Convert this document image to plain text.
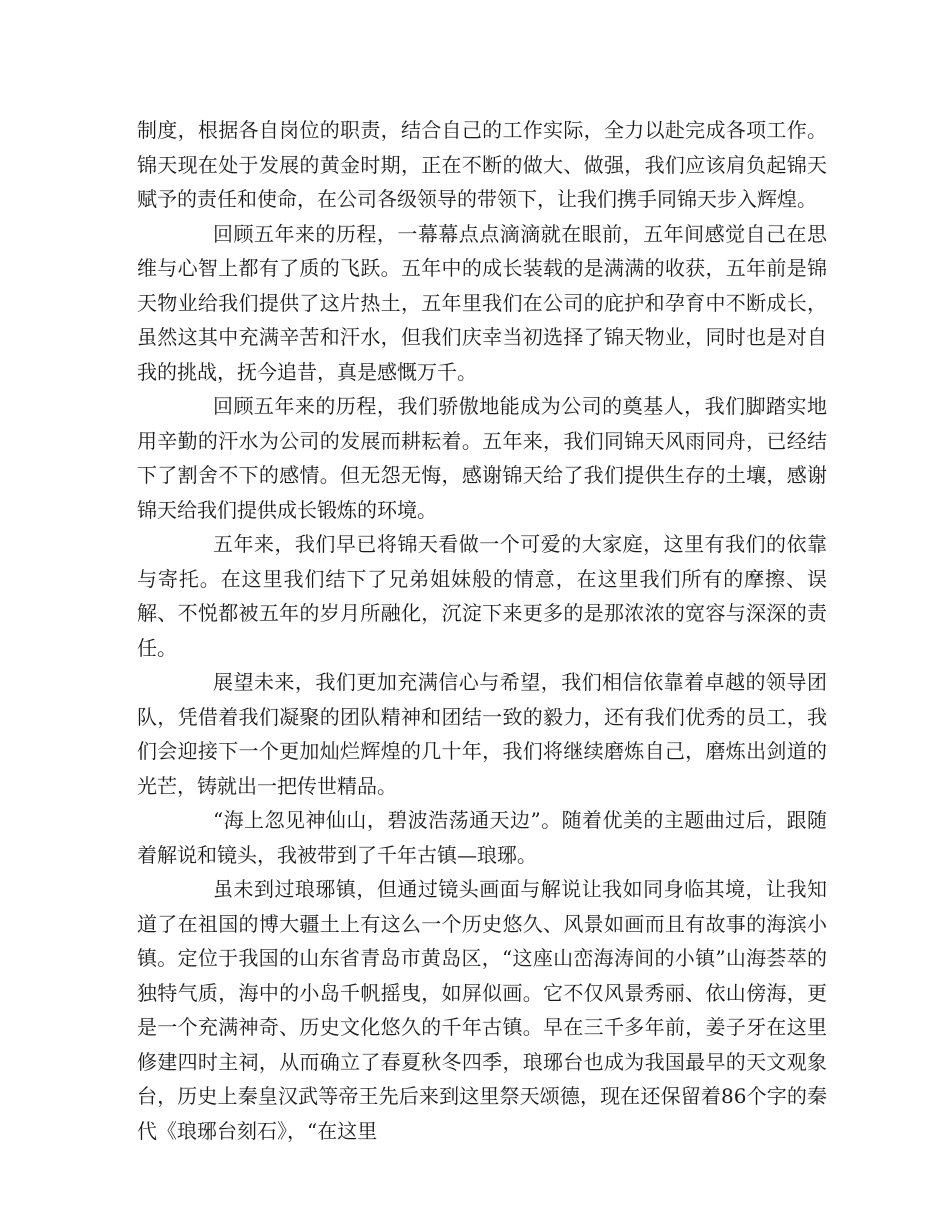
制度，根据各自岗位的职责，结合自己的工作实际，全力以赴完成各项工作。锦天现在处于发展的黄金时期，正在不断的做大、做强，我们应该肩负起锦天赋予的责任和使命，在公司各级领导的带领下，让我们携手同锦天步入辉煌。

回顾五年来的历程，一幕幕点点滴滴就在眼前，五年间感觉自己在思维与心智上都有了质的飞跃。五年中的成长装载的是满满的收获，五年前是锦天物业给我们提供了这片热土，五年里我们在公司的庇护和孕育中不断成长，虽然这其中充满辛苦和汗水，但我们庆幸当初选择了锦天物业，同时也是对自我的挑战，抚今追昔，真是感慨万千。

回顾五年来的历程，我们骄傲地能成为公司的奠基人，我们脚踏实地用辛勤的汗水为公司的发展而耕耘着。五年来，我们同锦天风雨同舟，已经结下了割舍不下的感情。但无怨无悔，感谢锦天给了我们提供生存的土壤，感谢锦天给我们提供成长锻炼的环境。

五年来，我们早已将锦天看做一个可爱的大家庭，这里有我们的依靠与寄托。在这里我们结下了兄弟姐妹般的情意，在这里我们所有的摩擦、误解、不悦都被五年的岁月所融化，沉淀下来更多的是那浓浓的宽容与深深的责任。

展望未来，我们更加充满信心与希望，我们相信依靠着卓越的领导团队，凭借着我们凝聚的团队精神和团结一致的毅力，还有我们优秀的员工，我们会迎接下一个更加灿烂辉煌的几十年，我们将继续磨炼自己，磨炼出剑道的光芒，铸就出一把传世精品。

“海上忽见神仙山，碧波浩荡通天边”。随着优美的主题曲过后，跟随着解说和镜头，我被带到了千年古镇—琅琊。

虽未到过琅琊镇，但通过镜头画面与解说让我如同身临其境，让我知道了在祖国的博大疆土上有这么一个历史悠久、风景如画而且有故事的海滨小镇。定位于我国的山东省青岛市黄岛区，“这座山峦海涛间的小镇”山海荟萃的独特气质，海中的小岛千帆摇曳，如屏似画。它不仅风景秀丽、依山傍海，更是一个充满神奇、历史文化悠久的千年古镇。早在三千多年前，姜子牙在这里修建四时主祠，从而确立了春夏秋冬四季，琅琊台也成为我国最早的天文观象台，历史上秦皇汉武等帝王先后来到这里祭天颂德，现在还保留着86个字的秦代《琅琊台刻石》，“在这里
